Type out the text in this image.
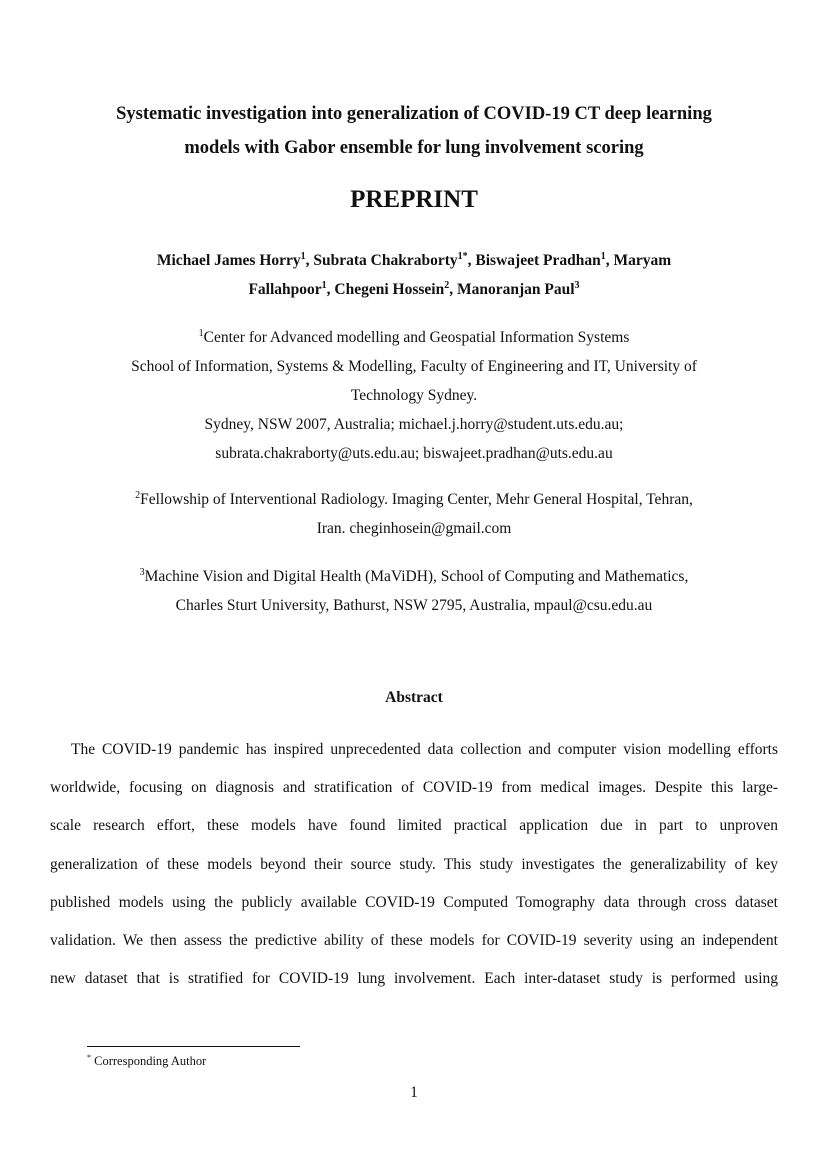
Systematic investigation into generalization of COVID-19 CT deep learning
models with Gabor ensemble for lung involvement scoring
PREPRINT
Michael James Horry$^1$, Subrata Chakraborty$^{1*}$, Biswajeet Pradhan$^1$, Maryam
Fallahpoor$^1$, Chegeni Hossein$^2$, Manoranjan Paul$^3$
$^1$Center for Advanced modelling and Geospatial Information Systems
School of Information, Systems & Modelling, Faculty of Engineering and IT, University of
Technology Sydney.
Sydney, NSW 2007, Australia; michael.j.horry@student.uts.edu.au;
subrata.chakraborty@uts.edu.au; biswajeet.pradhan@uts.edu.au
$^2$Fellowship of Interventional Radiology. Imaging Center, Mehr General Hospital, Tehran,
Iran. cheginhosein@gmail.com
$^3$Machine Vision and Digital Health (MaViDH), School of Computing and Mathematics,
Charles Sturt University, Bathurst, NSW 2795, Australia, mpaul@csu.edu.au
Abstract
The COVID-19 pandemic has inspired unprecedented data collection and computer vision modelling efforts
worldwide, focusing on diagnosis and stratification of COVID-19 from medical images. Despite this large-
scale research effort, these models have found limited practical application due in part to unproven
generalization of these models beyond their source study. This study investigates the generalizability of key
published models using the publicly available COVID-19 Computed Tomography data through cross dataset
validation. We then assess the predictive ability of these models for COVID-19 severity using an independent
new dataset that is stratified for COVID-19 lung involvement. Each inter-dataset study is performed using
* Corresponding Author
1
